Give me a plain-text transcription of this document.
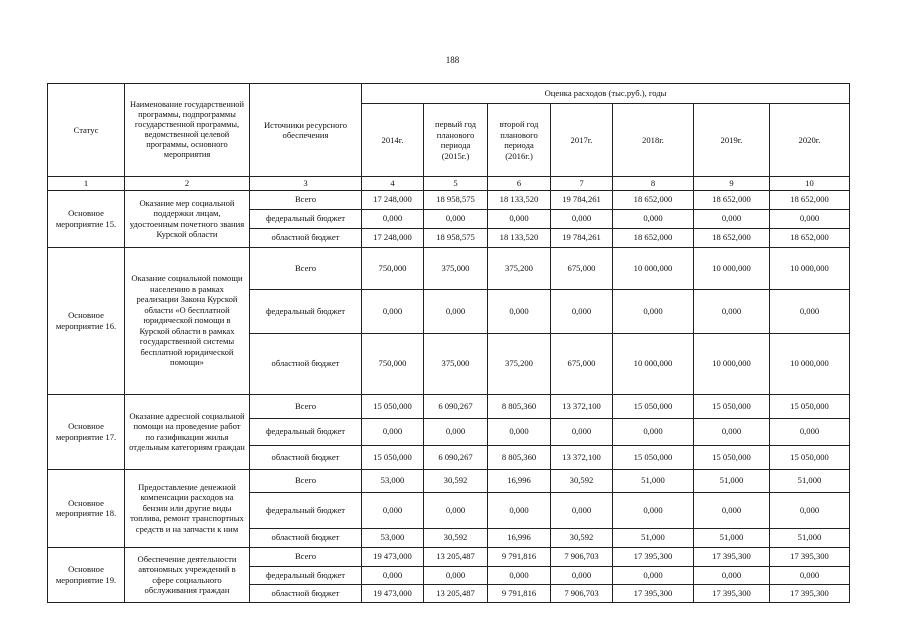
188
Статус	Наименование государственной программы, подпрограммы государственной программы, ведомственной целевой программы, основного мероприятия	Источники ресурсного обеспечения	Оценка расходов (тыс.руб.), годы						
			2014г.	первый год планового периода (2015г.)	второй год планового периода (2016г.)	2017г.	2018г.	2019г.	2020г.
1	2	3	4	5	6	7	8	9	10
Основное мероприятие 15.	Оказание мер социальной поддержки лицам, удостоенным почетного звания Курской области	Всего	17 248,000	18 958,575	18 133,520	19 784,261	18 652,000	18 652,000	18 652,000
		федеральный бюджет	0,000	0,000	0,000	0,000	0,000	0,000	0,000
		областной бюджет	17 248,000	18 958,575	18 133,520	19 784,261	18 652,000	18 652,000	18 652,000
Основное мероприятие 16.	Оказание социальной помощи населению в рамках реализации Закона Курской области «О бесплатной юридической помощи в Курской области в рамках государственной системы бесплатной юридической помощи»	Всего	750,000	375,000	375,200	675,000	10 000,000	10 000,000	10 000,000
		федеральный бюджет	0,000	0,000	0,000	0,000	0,000	0,000	0,000
		областной бюджет	750,000	375,000	375,200	675,000	10 000,000	10 000,000	10 000,000
Основное мероприятие 17.	Оказание адресной социальной помощи на проведение работ по газификации жилья отдельным категориям граждан	Всего	15 050,000	6 090,267	8 805,360	13 372,100	15 050,000	15 050,000	15 050,000
		федеральный бюджет	0,000	0,000	0,000	0,000	0,000	0,000	0,000
		областной бюджет	15 050,000	6 090,267	8 805,360	13 372,100	15 050,000	15 050,000	15 050,000
Основное мероприятие 18.	Предоставление денежной компенсации расходов на бензин или другие виды топлива, ремонт транспортных средств и на запчасти к ним	Всего	53,000	30,592	16,996	30,592	51,000	51,000	51,000
		федеральный бюджет	0,000	0,000	0,000	0,000	0,000	0,000	0,000
		областной бюджет	53,000	30,592	16,996	30,592	51,000	51,000	51,000
Основное мероприятие 19.	Обеспечение деятельности автономных учреждений в сфере социального обслуживания граждан	Всего	19 473,000	13 205,487	9 791,816	7 906,703	17 395,300	17 395,300	17 395,300
		федеральный бюджет	0,000	0,000	0,000	0,000	0,000	0,000	0,000
		областной бюджет	19 473,000	13 205,487	9 791,816	7 906,703	17 395,300	17 395,300	17 395,300
